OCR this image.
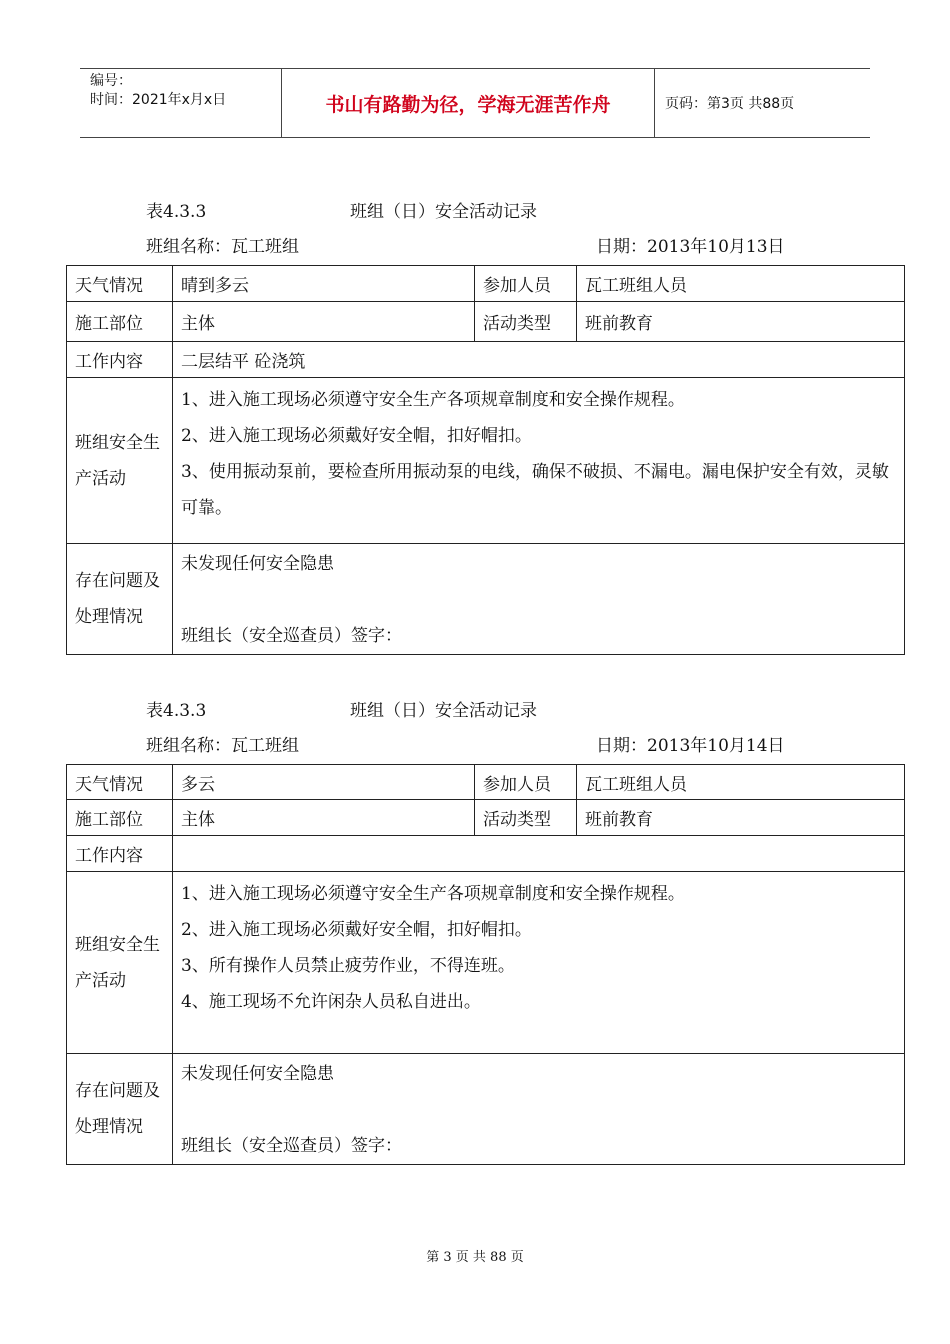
编号：
时间：2021年x月x日	书山有路勤为径，学海无涯苦作舟	页码：第3页 共88页
表4.3.3	班组（日）安全活动记录
班组名称：瓦工班组	日期：2013年10月13日
天气情况	晴到多云	参加人员	瓦工班组人员
施工部位	主体	活动类型	班前教育
工作内容	二层结平 砼浇筑		
班组安全生产活动	1、进入施工现场必须遵守安全生产各项规章制度和安全操作规程。
2、进入施工现场必须戴好安全帽，扣好帽扣。
3、使用振动泵前，要检查所用振动泵的电线，确保不破损、不漏电。漏电保护安全有效，灵敏可靠。		

存在问题及处理情况	未发现任何安全隐患
班组长（安全巡查员）签字：		
表4.3.3	班组（日）安全活动记录
班组名称：瓦工班组	日期：2013年10月14日
天气情况	多云	参加人员	瓦工班组人员
施工部位	主体	活动类型	班前教育
工作内容			
班组安全生产活动	1、进入施工现场必须遵守安全生产各项规章制度和安全操作规程。
2、进入施工现场必须戴好安全帽，扣好帽扣。
3、所有操作人员禁止疲劳作业，不得连班。
4、施工现场不允许闲杂人员私自进出。		

存在问题及处理情况	未发现任何安全隐患
班组长（安全巡查员）签字：		
第 3 页 共 88 页
